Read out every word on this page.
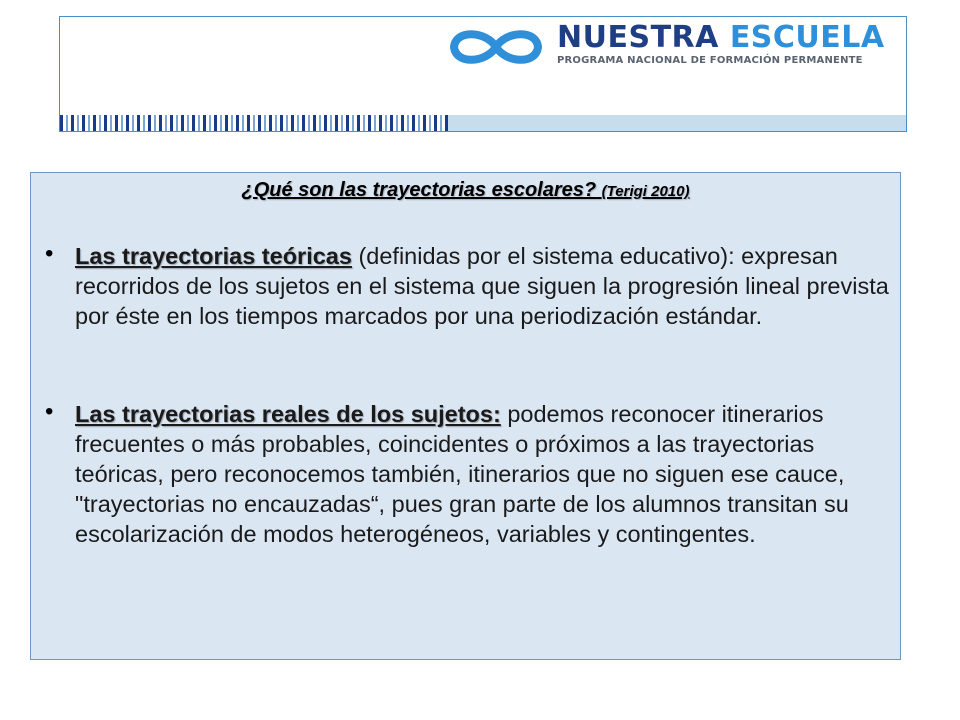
NUESTRA ESCUELA
PROGRAMA NACIONAL DE FORMACIÓN PERMANENTE
¿Qué son las trayectorias escolares? (Terigi 2010)
• Las trayectorias teóricas (definidas por el sistema educativo): expresan recorridos de los sujetos en el sistema que siguen la progresión lineal prevista por éste en los tiempos marcados por una periodización estándar.
• Las trayectorias reales de los sujetos: podemos reconocer itinerarios frecuentes o más probables, coincidentes o próximos a las trayectorias teóricas, pero reconocemos también, itinerarios que no siguen ese cauce, "trayectorias no encauzadas“, pues gran parte de los alumnos transitan su escolarización de modos heterogéneos, variables y contingentes.
